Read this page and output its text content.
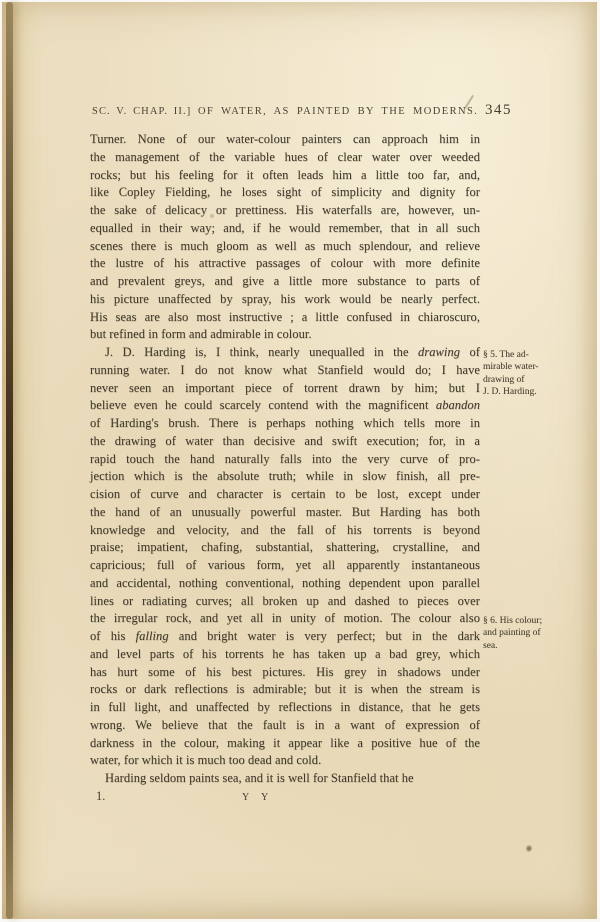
SC. V. CHAP. II.] OF WATER, AS PAINTED BY THE MODERNS. 345
Turner. None of our water-colour painters can approach him in
the management of the variable hues of clear water over weeded
rocks; but his feeling for it often leads him a little too far, and,
like Copley Fielding, he loses sight of simplicity and dignity for
the sake of delicacy or prettiness. His waterfalls are, however, un-
equalled in their way; and, if he would remember, that in all such
scenes there is much gloom as well as much splendour, and relieve
the lustre of his attractive passages of colour with more definite
and prevalent greys, and give a little more substance to parts of
his picture unaffected by spray, his work would be nearly perfect.
His seas are also most instructive ; a little confused in chiaroscuro,
but refined in form and admirable in colour.
J. D. Harding is, I think, nearly unequalled in the drawing of
running water. I do not know what Stanfield would do; I have
never seen an important piece of torrent drawn by him; but I
believe even he could scarcely contend with the magnificent abandon
of Harding's brush. There is perhaps nothing which tells more in
the drawing of water than decisive and swift execution; for, in a
rapid touch the hand naturally falls into the very curve of pro-
jection which is the absolute truth; while in slow finish, all pre-
cision of curve and character is certain to be lost, except under
the hand of an unusually powerful master. But Harding has both
knowledge and velocity, and the fall of his torrents is beyond
praise; impatient, chafing, substantial, shattering, crystalline, and
capricious; full of various form, yet all apparently instantaneous
and accidental, nothing conventional, nothing dependent upon parallel
lines or radiating curves; all broken up and dashed to pieces over
the irregular rock, and yet all in unity of motion. The colour also
of his falling and bright water is very perfect; but in the dark
and level parts of his torrents he has taken up a bad grey, which
has hurt some of his best pictures. His grey in shadows under
rocks or dark reflections is admirable; but it is when the stream is
in full light, and unaffected by reflections in distance, that he gets
wrong. We believe that the fault is in a want of expression of
darkness in the colour, making it appear like a positive hue of the
water, for which it is much too dead and cold.
Harding seldom paints sea, and it is well for Stanfield that he
§ 5. The ad-
mirable water-
drawing of
J. D. Harding.
§ 6. His colour;
and painting of
sea.
1.	Y Y
